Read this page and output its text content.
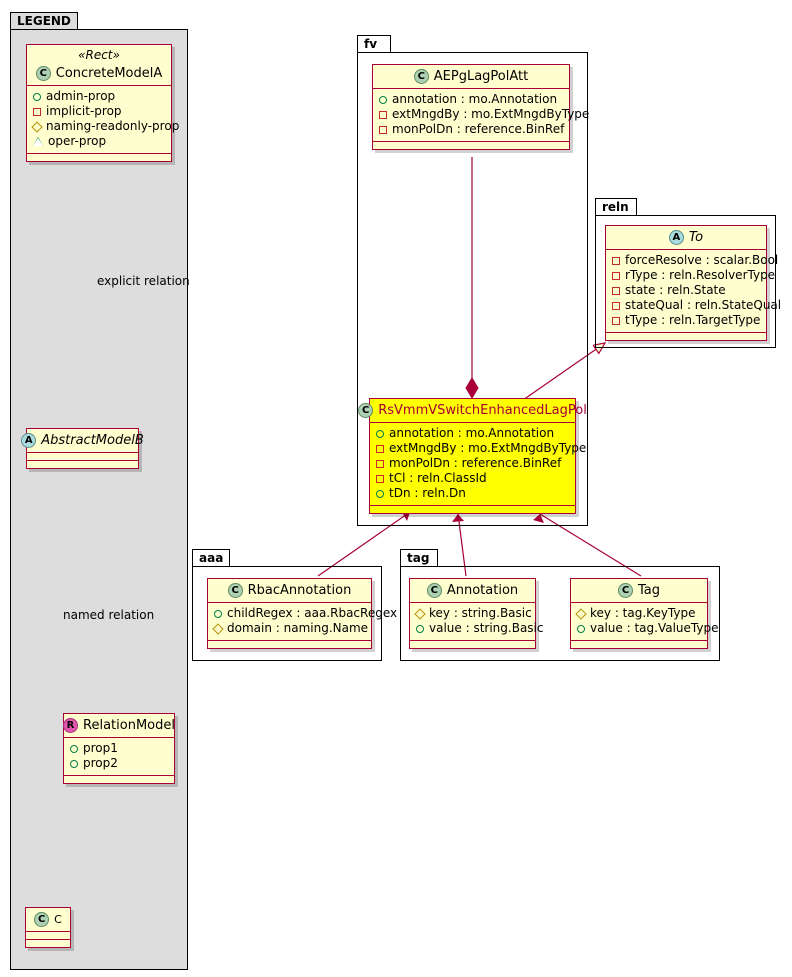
LEGEND
fv
reln
aaa	tag
explicit relation
named relation
«Rect»
C ConcreteModelA
admin-prop
implicit-prop
naming-readonly-prop
oper-prop
A AbstractModelB
R RelationModel
prop1
prop2
C C
C AEPgLagPolAtt
annotation : mo.Annotation
extMngdBy : mo.ExtMngdByType
monPolDn : reference.BinRef
A To
forceResolve : scalar.Bool
rType : reln.ResolverType
state : reln.State
stateQual : reln.StateQual
tType : reln.TargetType
C RsVmmVSwitchEnhancedLagPol
annotation : mo.Annotation
extMngdBy : mo.ExtMngdByType
monPolDn : reference.BinRef
tCl : reln.ClassId
tDn : reln.Dn
C RbacAnnotation
childRegex : aaa.RbacRegex
domain : naming.Name
C Annotation
key : string.Basic
value : string.Basic
C Tag
key : tag.KeyType
value : tag.ValueType
